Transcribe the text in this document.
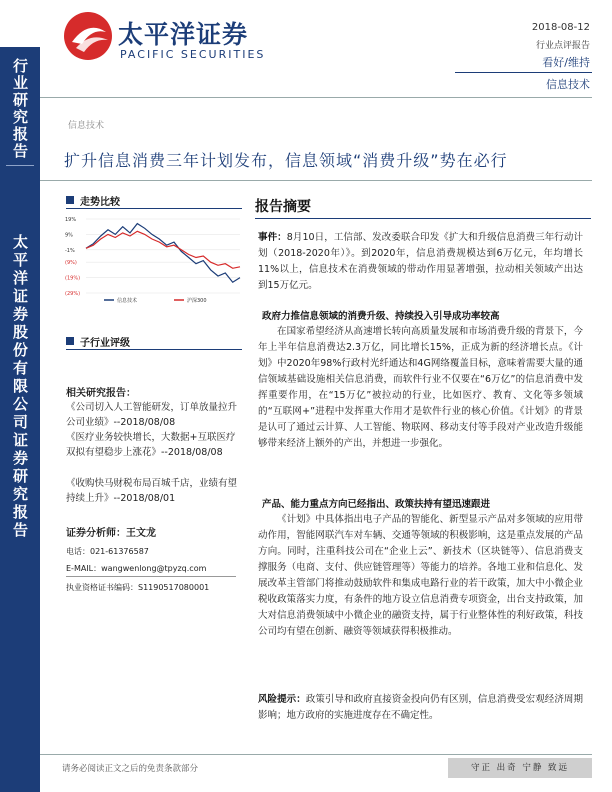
行业研究报告
太平洋证券股份有限公司证券研究报告
太平洋证券
PACIFIC SECURITIES
2018-08-12
行业点评报告
看好/维持
信息技术
信息技术
扩升信息消费三年计划发布，信息领域“消费升级”势在必行
走势比较
19%
9%
-1%
(9%)
(19%)
(29%)
信息技术	沪深300
子行业评级
相关研究报告：
《公司切入人工智能研发，订单放量拉升公司业绩》--2018/08/08
《医疗业务较快增长，大数据+互联医疗双拟有望稳步上涨花》--2018/08/08
《收购快马财税布局百城千店，业绩有望持续上升》--2018/08/01
证券分析师：王文龙
电话：021-61376587
E-MAIL：wangwenlong@tpyzq.com
执业资格证书编码：S1190517080001
报告摘要
事件：8月10日，工信部、发改委联合印发《扩大和升级信息消费三年行动计划（2018-2020年）》。到2020年，信息消费规模达到6万亿元，年均增长11%以上，信息技术在消费领域的带动作用显著增强，拉动相关领域产出达到15万亿元。
政府力推信息领域的消费升级、持续投入引导成功率较高
在国家希望经济从高速增长转向高质量发展和市场消费升级的背景下，今年上半年信息消费达2.3万亿，同比增长15%，正成为新的经济增长点。《计划》中2020年98%行政村光纤通达和4G网络覆盖目标，意味着需要大量的通信领域基础设施相关信息消费，而软件行业不仅要在“6万亿”的信息消费中发挥重要作用，在“15万亿”被拉动的行业，比如医疗、教育、文化等多领域的“互联网+”进程中发挥重大作用才是软件行业的核心价值。《计划》的背景是认可了通过云计算、人工智能、物联网、移动支付等手段对产业改造升级能够带来经济上额外的产出，并想进一步强化。
产品、能力重点方向已经指出、政策扶持有望迅速跟进
《计划》中具体指出电子产品的智能化、新型显示产品对多领域的应用带动作用，智能网联汽车对车辆、交通等领域的积极影响，这是重点发展的产品方向。同时，注重科技公司在“企业上云”、新技术（区块链等）、信息消费支撑服务（电商、支付、供应链管理等）等能力的培养。各地工业和信息化、发展改革主管部门将推动鼓励软件和集成电路行业的若干政策，加大中小微企业税收政策落实力度，有条件的地方设立信息消费专项资金，出台支持政策，加大对信息消费领域中小微企业的融资支持，属于行业整体性的利好政策，科技公司均有望在创新、融资等领域获得积极推动。
风险提示：政策引导和政府直接资金投向仍有区别，信息消费受宏观经济周期影响；地方政府的实施进度存在不确定性。
请务必阅读正文之后的免责条款部分	守正 出奇 宁静 致远
